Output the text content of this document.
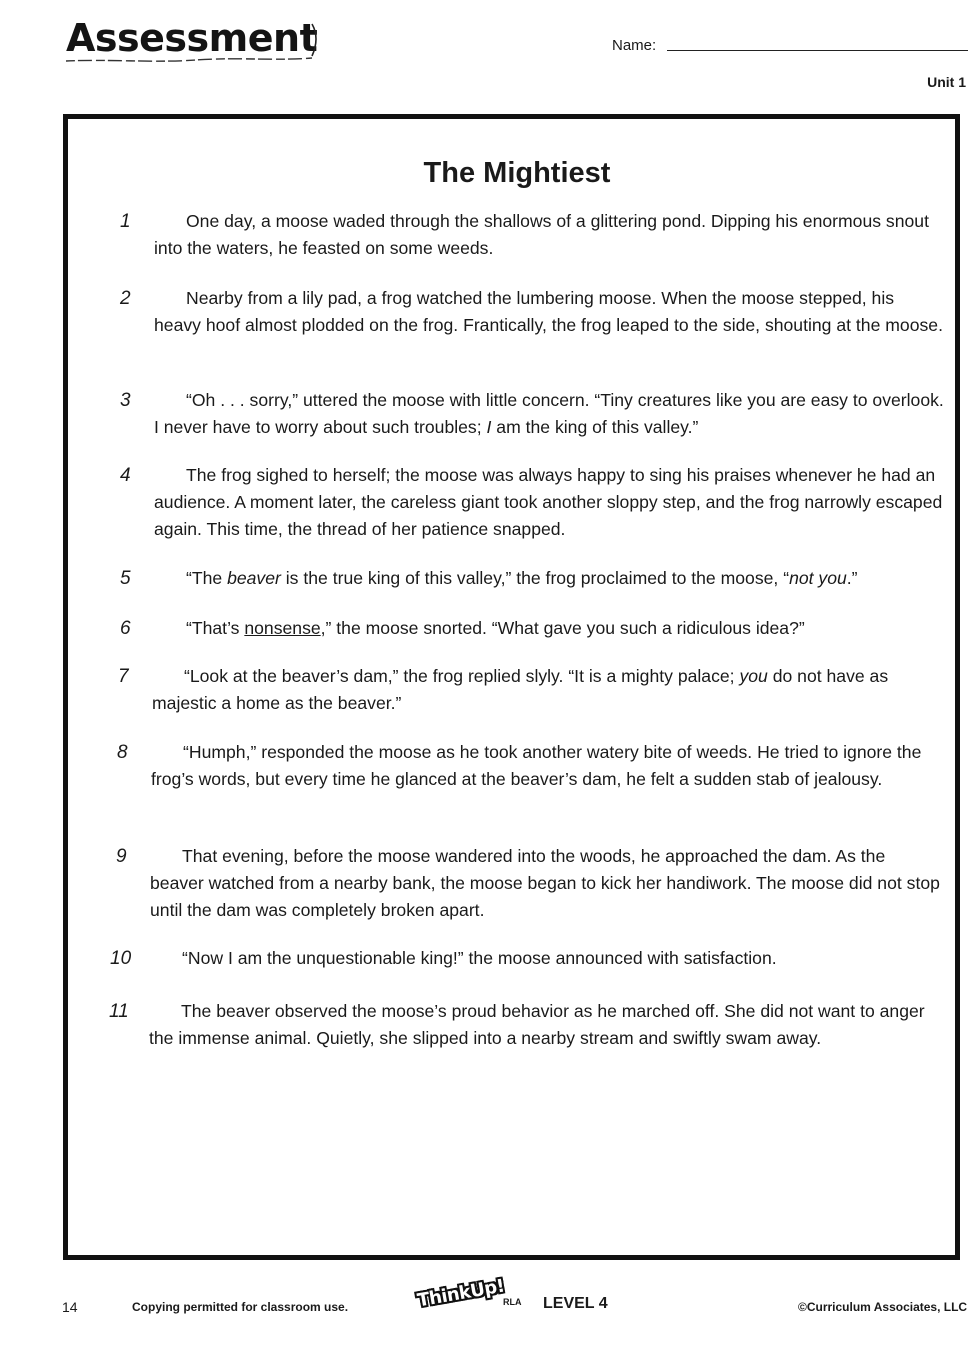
Assessment	Name:
Unit 1
The Mightiest
1	One day, a moose waded through the shallows of a glittering pond. Dipping his enormous snout into the waters, he feasted on some weeds.
2	Nearby from a lily pad, a frog watched the lumbering moose. When the moose stepped, his heavy hoof almost plodded on the frog. Frantically, the frog leaped to the side, shouting at the moose.
3	“Oh . . . sorry,” uttered the moose with little concern. “Tiny creatures like you are easy to overlook. I never have to worry about such troubles; I am the king of this valley.”
4	The frog sighed to herself; the moose was always happy to sing his praises whenever he had an audience. A moment later, the careless giant took another sloppy step, and the frog narrowly escaped again. This time, the thread of her patience snapped.
5	“The beaver is the true king of this valley,” the frog proclaimed to the moose, “not you.”
6	“That’s nonsense,” the moose snorted. “What gave you such a ridiculous idea?”
7	“Look at the beaver’s dam,” the frog replied slyly. “It is a mighty palace; you do not have as majestic a home as the beaver.”
8	“Humph,” responded the moose as he took another watery bite of weeds. He tried to ignore the frog’s words, but every time he glanced at the beaver’s dam, he felt a sudden stab of jealousy.
9	That evening, before the moose wandered into the woods, he approached the dam. As the beaver watched from a nearby bank, the moose began to kick her handiwork. The moose did not stop until the dam was completely broken apart.
10	“Now I am the unquestionable king!” the moose announced with satisfaction.
11	The beaver observed the moose’s proud behavior as he marched off. She did not want to anger the immense animal. Quietly, she slipped into a nearby stream and swiftly swam away.
14	Copying permitted for classroom use.	ThinkUp!
RLA LEVEL 4	©Curriculum Associates, LLC
